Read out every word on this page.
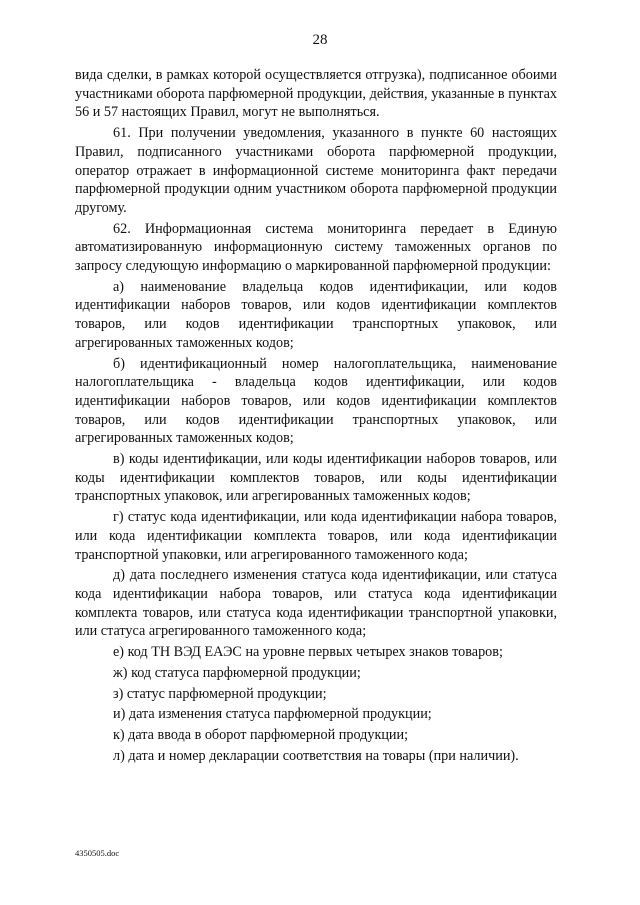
28

вида сделки, в рамках которой осуществляется отгрузка), подписанное обоими участниками оборота парфюмерной продукции, действия, указанные в пунктах 56 и 57 настоящих Правил, могут не выполняться.

61. При получении уведомления, указанного в пункте 60 настоящих Правил, подписанного участниками оборота парфюмерной продукции, оператор отражает в информационной системе мониторинга факт передачи парфюмерной продукции одним участником оборота парфюмерной продукции другому.

62. Информационная система мониторинга передает в Единую автоматизированную информационную систему таможенных органов по запросу следующую информацию о маркированной парфюмерной продукции:

а) наименование владельца кодов идентификации, или кодов идентификации наборов товаров, или кодов идентификации комплектов товаров, или кодов идентификации транспортных упаковок, или агрегированных таможенных кодов;

б) идентификационный номер налогоплательщика, наименование налогоплательщика - владельца кодов идентификации, или кодов идентификации наборов товаров, или кодов идентификации комплектов товаров, или кодов идентификации транспортных упаковок, или агрегированных таможенных кодов;

в) коды идентификации, или коды идентификации наборов товаров, или коды идентификации комплектов товаров, или коды идентификации транспортных упаковок, или агрегированных таможенных кодов;

г) статус кода идентификации, или кода идентификации набора товаров, или кода идентификации комплекта товаров, или кода идентификации транспортной упаковки, или агрегированного таможенного кода;

д) дата последнего изменения статуса кода идентификации, или статуса кода идентификации набора товаров, или статуса кода идентификации комплекта товаров, или статуса кода идентификации транспортной упаковки, или статуса агрегированного таможенного кода;

е) код ТН ВЭД ЕАЭС на уровне первых четырех знаков товаров;

ж) код статуса парфюмерной продукции;

з) статус парфюмерной продукции;

и) дата изменения статуса парфюмерной продукции;

к) дата ввода в оборот парфюмерной продукции;

л) дата и номер декларации соответствия на товары (при наличии).

4350505.doc
